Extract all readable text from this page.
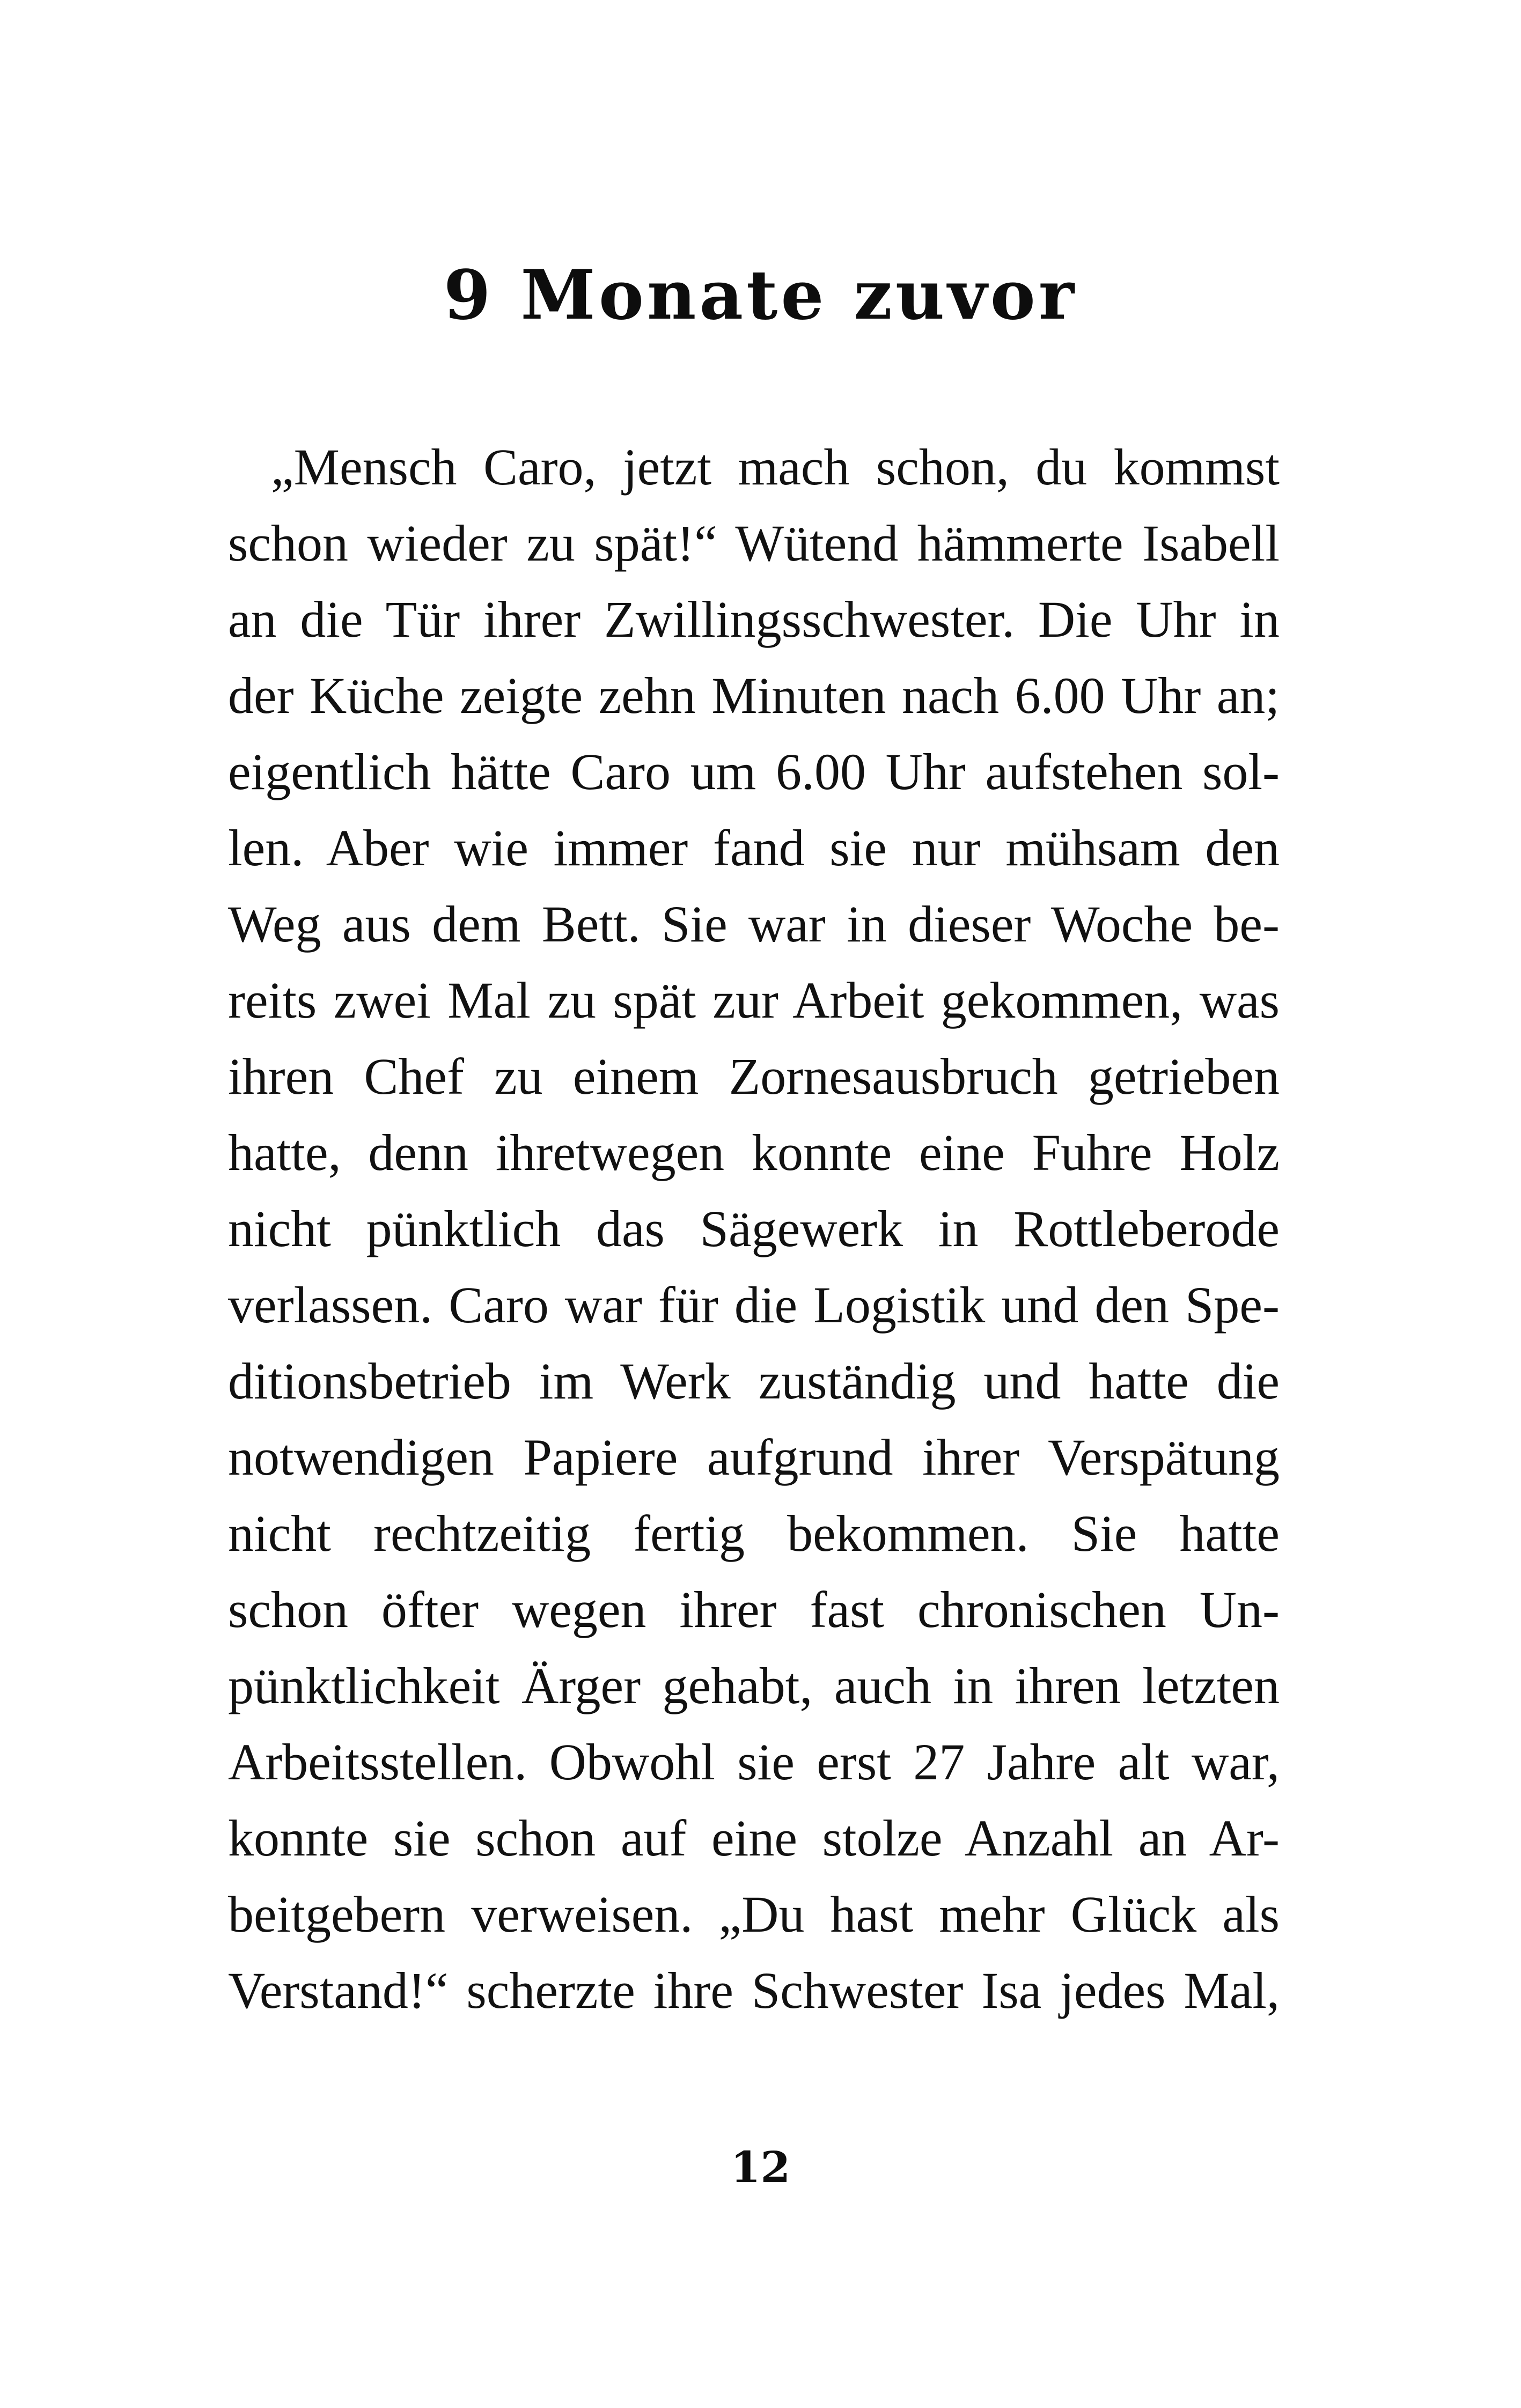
9 Monate zuvor
„Mensch Caro, jetzt mach schon, du kommst
schon wieder zu spät!“ Wütend hämmerte Isabell
an die Tür ihrer Zwillingsschwester. Die Uhr in
der Küche zeigte zehn Minuten nach 6.00 Uhr an;
eigentlich hätte Caro um 6.00 Uhr aufstehen sol-
len. Aber wie immer fand sie nur mühsam den
Weg aus dem Bett. Sie war in dieser Woche be-
reits zwei Mal zu spät zur Arbeit gekommen, was
ihren Chef zu einem Zornesausbruch getrieben
hatte, denn ihretwegen konnte eine Fuhre Holz
nicht pünktlich das Sägewerk in Rottleberode
verlassen. Caro war für die Logistik und den Spe-
ditionsbetrieb im Werk zuständig und hatte die
notwendigen Papiere aufgrund ihrer Verspätung
nicht rechtzeitig fertig bekommen. Sie hatte
schon öfter wegen ihrer fast chronischen Un-
pünktlichkeit Ärger gehabt, auch in ihren letzten
Arbeitsstellen. Obwohl sie erst 27 Jahre alt war,
konnte sie schon auf eine stolze Anzahl an Ar-
beitgebern verweisen. „Du hast mehr Glück als
Verstand!“ scherzte ihre Schwester Isa jedes Mal,
12
